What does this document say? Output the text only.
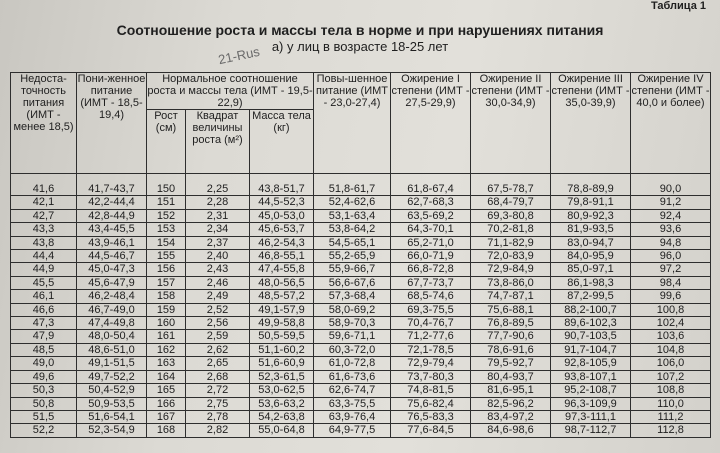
Таблица 1
Соотношение роста и массы тела в норме и при нарушениях питания
а) у лиц в возрасте 18-25 лет
21-Rus
Недоста-точность питания (ИМТ - менее 18,5)	Пони-женное питание (ИМТ - 18,5-19,4)	Нормальное соотношение роста и массы тела (ИМТ - 19,5-22,9)			Повы-шенное питание (ИМТ - 23,0-27,4)	Ожирение I степени (ИМТ - 27,5-29,9)	Ожирение II степени (ИМТ - 30,0-34,9)	Ожирение III степени (ИМТ - 35,0-39,9)	Ожирение IV степени (ИМТ - 40,0 и более)
		Рост (см)	Квадрат величины роста (м²)	Масса тела (кг)					
41,6	41,7-43,7	150	2,25	43,8-51,7	51,8-61,7	61,8-67,4	67,5-78,7	78,8-89,9	90,0
42,1	42,2-44,4	151	2,28	44,5-52,3	52,4-62,6	62,7-68,3	68,4-79,7	79,8-91,1	91,2
42,7	42,8-44,9	152	2,31	45,0-53,0	53,1-63,4	63,5-69,2	69,3-80,8	80,9-92,3	92,4
43,3	43,4-45,5	153	2,34	45,6-53,7	53,8-64,2	64,3-70,1	70,2-81,8	81,9-93,5	93,6
43,8	43,9-46,1	154	2,37	46,2-54,3	54,5-65,1	65,2-71,0	71,1-82,9	83,0-94,7	94,8
44,4	44,5-46,7	155	2,40	46,8-55,1	55,2-65,9	66,0-71,9	72,0-83,9	84,0-95,9	96,0
44,9	45,0-47,3	156	2,43	47,4-55,8	55,9-66,7	66,8-72,8	72,9-84,9	85,0-97,1	97,2
45,5	45,6-47,9	157	2,46	48,0-56,5	56,6-67,6	67,7-73,7	73,8-86,0	86,1-98,3	98,4
46,1	46,2-48,4	158	2,49	48,5-57,2	57,3-68,4	68,5-74,6	74,7-87,1	87,2-99,5	99,6
46,6	46,7-49,0	159	2,52	49,1-57,9	58,0-69,2	69,3-75,5	75,6-88,1	88,2-100,7	100,8
47,3	47,4-49,8	160	2,56	49,9-58,8	58,9-70,3	70,4-76,7	76,8-89,5	89,6-102,3	102,4
47,9	48,0-50,4	161	2,59	50,5-59,5	59,6-71,1	71,2-77,6	77,7-90,6	90,7-103,5	103,6
48,5	48,6-51,0	162	2,62	51,1-60,2	60,3-72,0	72,1-78,5	78,6-91,6	91,7-104,7	104,8
49,0	49,1-51,5	163	2,65	51,6-60,9	61,0-72,8	72,9-79,4	79,5-92,7	92,8-105,9	106,0
49,6	49,7-52,2	164	2,68	52,3-61,5	61,6-73,6	73,7-80,3	80,4-93,7	93,8-107,1	107,2
50,3	50,4-52,9	165	2,72	53,0-62,5	62,6-74,7	74,8-81,5	81,6-95,1	95,2-108,7	108,8
50,8	50,9-53,5	166	2,75	53,6-63,2	63,3-75,5	75,6-82,4	82,5-96,2	96,3-109,9	110,0
51,5	51,6-54,1	167	2,78	54,2-63,8	63,9-76,4	76,5-83,3	83,4-97,2	97,3-111,1	111,2
52,2	52,3-54,9	168	2,82	55,0-64,8	64,9-77,5	77,6-84,5	84,6-98,6	98,7-112,7	112,8
